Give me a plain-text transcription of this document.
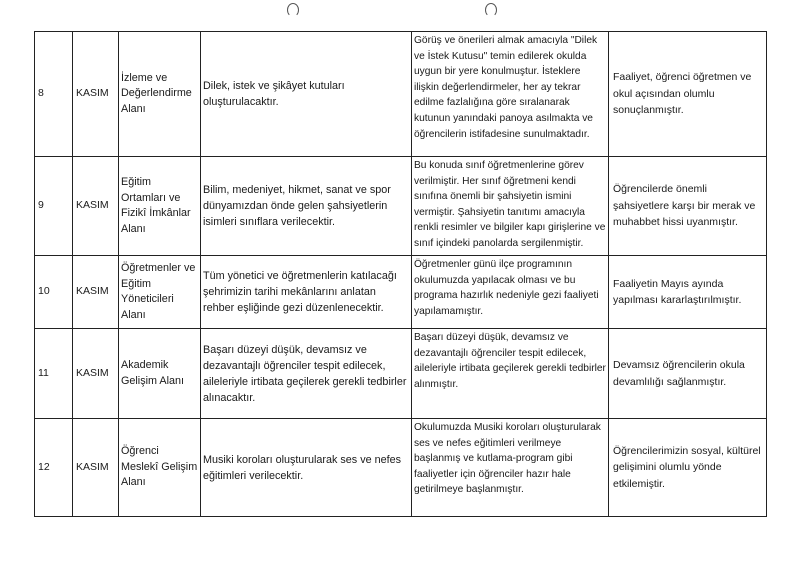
8	KASIM	İzleme ve Değerlendirme Alanı	Dilek, istek ve şikâyet kutuları oluşturulacaktır.	Görüş ve önerileri almak amacıyla "Dilek ve İstek Kutusu" temin edilerek okulda uygun bir yere konulmuştur. İsteklere ilişkin değerlendirmeler, her ay tekrar edilme fazlalığına göre sıralanarak kutunun yanındaki panoya asılmakta ve öğrencilerin istifadesine sunulmaktadır.	Faaliyet, öğrenci öğretmen ve okul açısından olumlu sonuçlanmıştır.
9	KASIM	Eğitim Ortamları ve Fizikî İmkânlar Alanı	Bilim, medeniyet, hikmet, sanat ve spor dünyamızdan önde gelen şahsiyetlerin isimleri sınıflara verilecektir.	Bu konuda sınıf öğretmenlerine görev verilmiştir. Her sınıf öğretmeni kendi sınıfına önemli bir şahsiyetin ismini vermiştir. Şahsiyetin tanıtımı amacıyla renkli resimler ve bilgiler kapı girişlerine ve sınıf içindeki panolarda sergilenmiştir.	Öğrencilerde önemli şahsiyetlere karşı bir merak ve muhabbet hissi uyanmıştır.
10	KASIM	Öğretmenler ve Eğitim Yöneticileri Alanı	Tüm yönetici ve öğretmenlerin katılacağı şehrimizin tarihi mekânlarını anlatan rehber eşliğinde gezi düzenlenecektir.	Öğretmenler günü ilçe programının okulumuzda yapılacak olması ve bu programa hazırlık nedeniyle gezi faaliyeti yapılamamıştır.	Faaliyetin Mayıs ayında yapılması kararlaştırılmıştır.
11	KASIM	Akademik Gelişim Alanı	Başarı düzeyi düşük, devamsız ve dezavantajlı öğrenciler tespit edilecek, aileleriyle irtibata geçilerek gerekli tedbirler alınacaktır.	Başarı düzeyi düşük, devamsız ve dezavantajlı öğrenciler tespit edilecek, aileleriyle irtibata geçilerek gerekli tedbirler alınmıştır.	Devamsız öğrencilerin okula devamlılığı sağlanmıştır.
12	KASIM	Öğrenci Meslekî Gelişim Alanı	Musiki koroları oluşturularak ses ve nefes eğitimleri verilecektir.	Okulumuzda Musiki koroları oluşturularak ses ve nefes eğitimleri verilmeye başlanmış ve kutlama-program gibi faaliyetler için öğrenciler hazır hale getirilmeye başlanmıştır.	Öğrencilerimizin sosyal, kültürel gelişimini olumlu yönde etkilemiştir.
